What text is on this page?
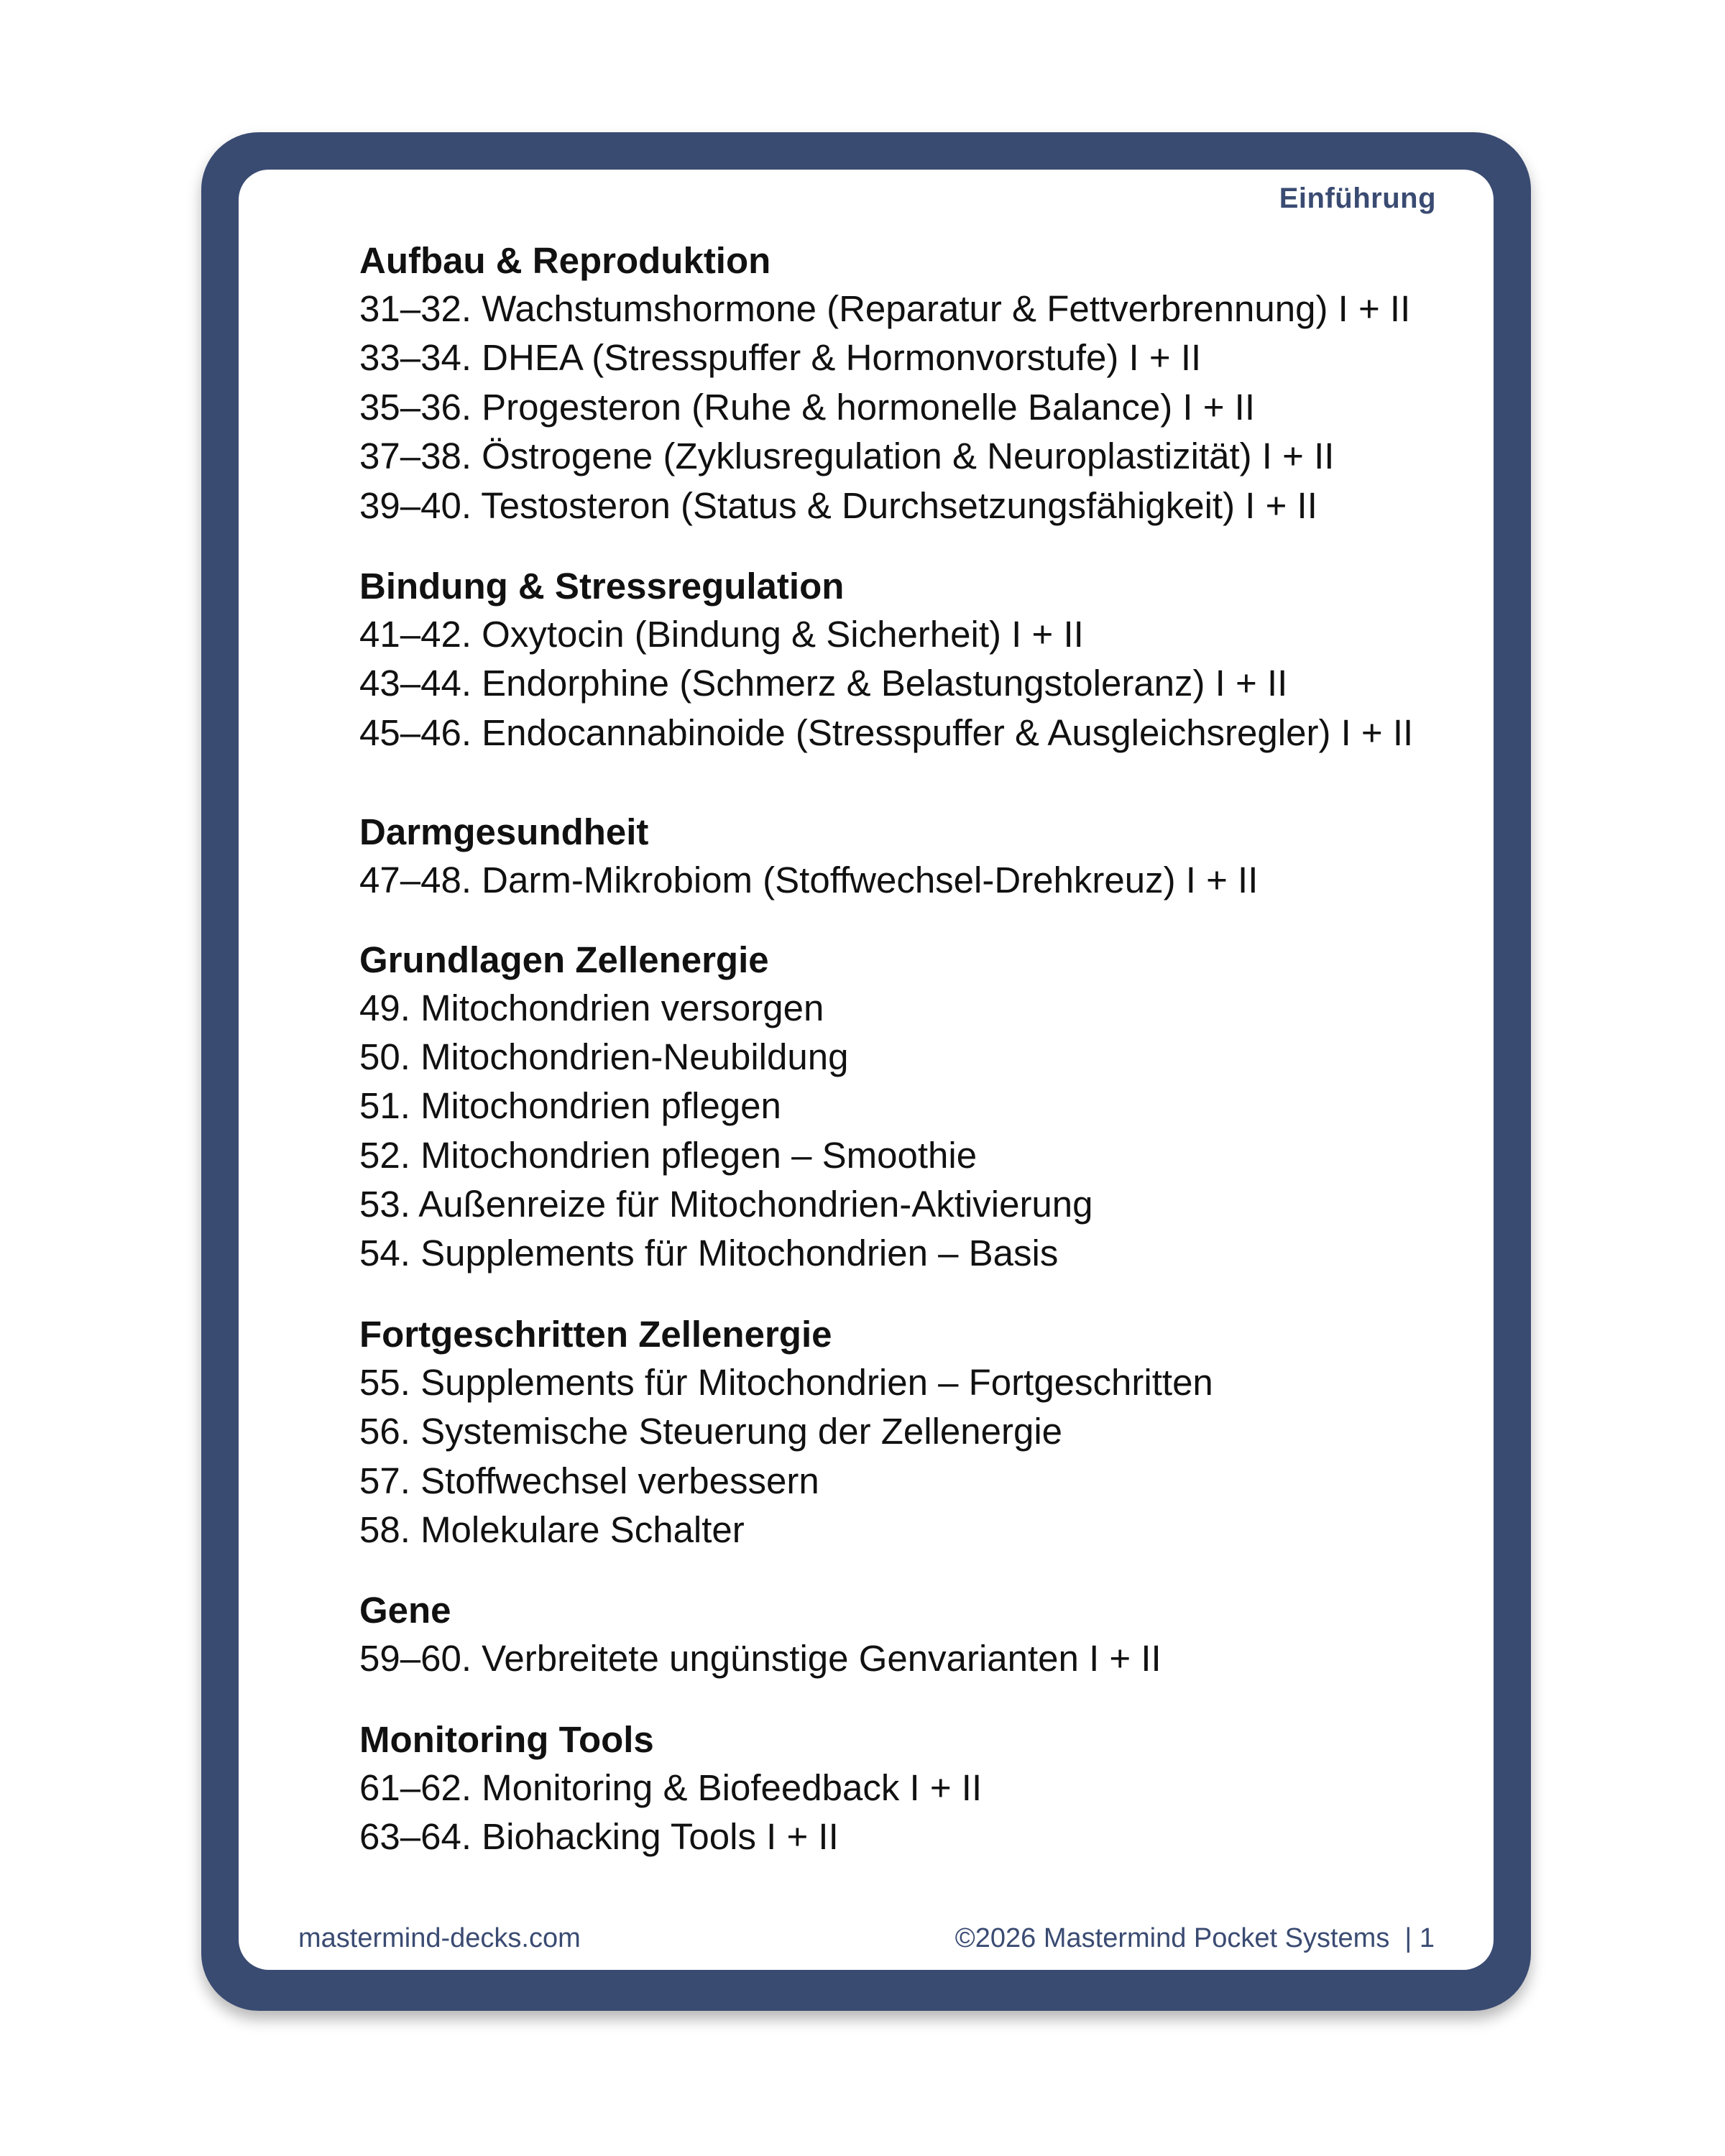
Einführung
Aufbau & Reproduktion
31–32. Wachstumshormone (Reparatur & Fettverbrennung) I + II
33–34. DHEA (Stresspuffer & Hormonvorstufe) I + II
35–36. Progesteron (Ruhe & hormonelle Balance) I + II
37–38. Östrogene (Zyklusregulation & Neuroplastizität) I + II
39–40. Testosteron (Status & Durchsetzungsfähigkeit) I + II
Bindung & Stressregulation
41–42. Oxytocin (Bindung & Sicherheit) I + II
43–44. Endorphine (Schmerz & Belastungstoleranz) I + II
45–46. Endocannabinoide (Stresspuffer & Ausgleichsregler) I + II
Darmgesundheit
47–48. Darm-Mikrobiom (Stoffwechsel-Drehkreuz) I + II
Grundlagen Zellenergie
49. Mitochondrien versorgen
50. Mitochondrien-Neubildung
51. Mitochondrien pflegen
52. Mitochondrien pflegen – Smoothie
53. Außenreize für Mitochondrien-Aktivierung
54. Supplements für Mitochondrien – Basis
Fortgeschritten Zellenergie
55. Supplements für Mitochondrien – Fortgeschritten
56. Systemische Steuerung der Zellenergie
57. Stoffwechsel verbessern
58. Molekulare Schalter
Gene
59–60. Verbreitete ungünstige Genvarianten I + II
Monitoring Tools
61–62. Monitoring & Biofeedback I + II
63–64. Biohacking Tools I + II
mastermind-decks.com	©2026 Mastermind Pocket Systems  | 1
